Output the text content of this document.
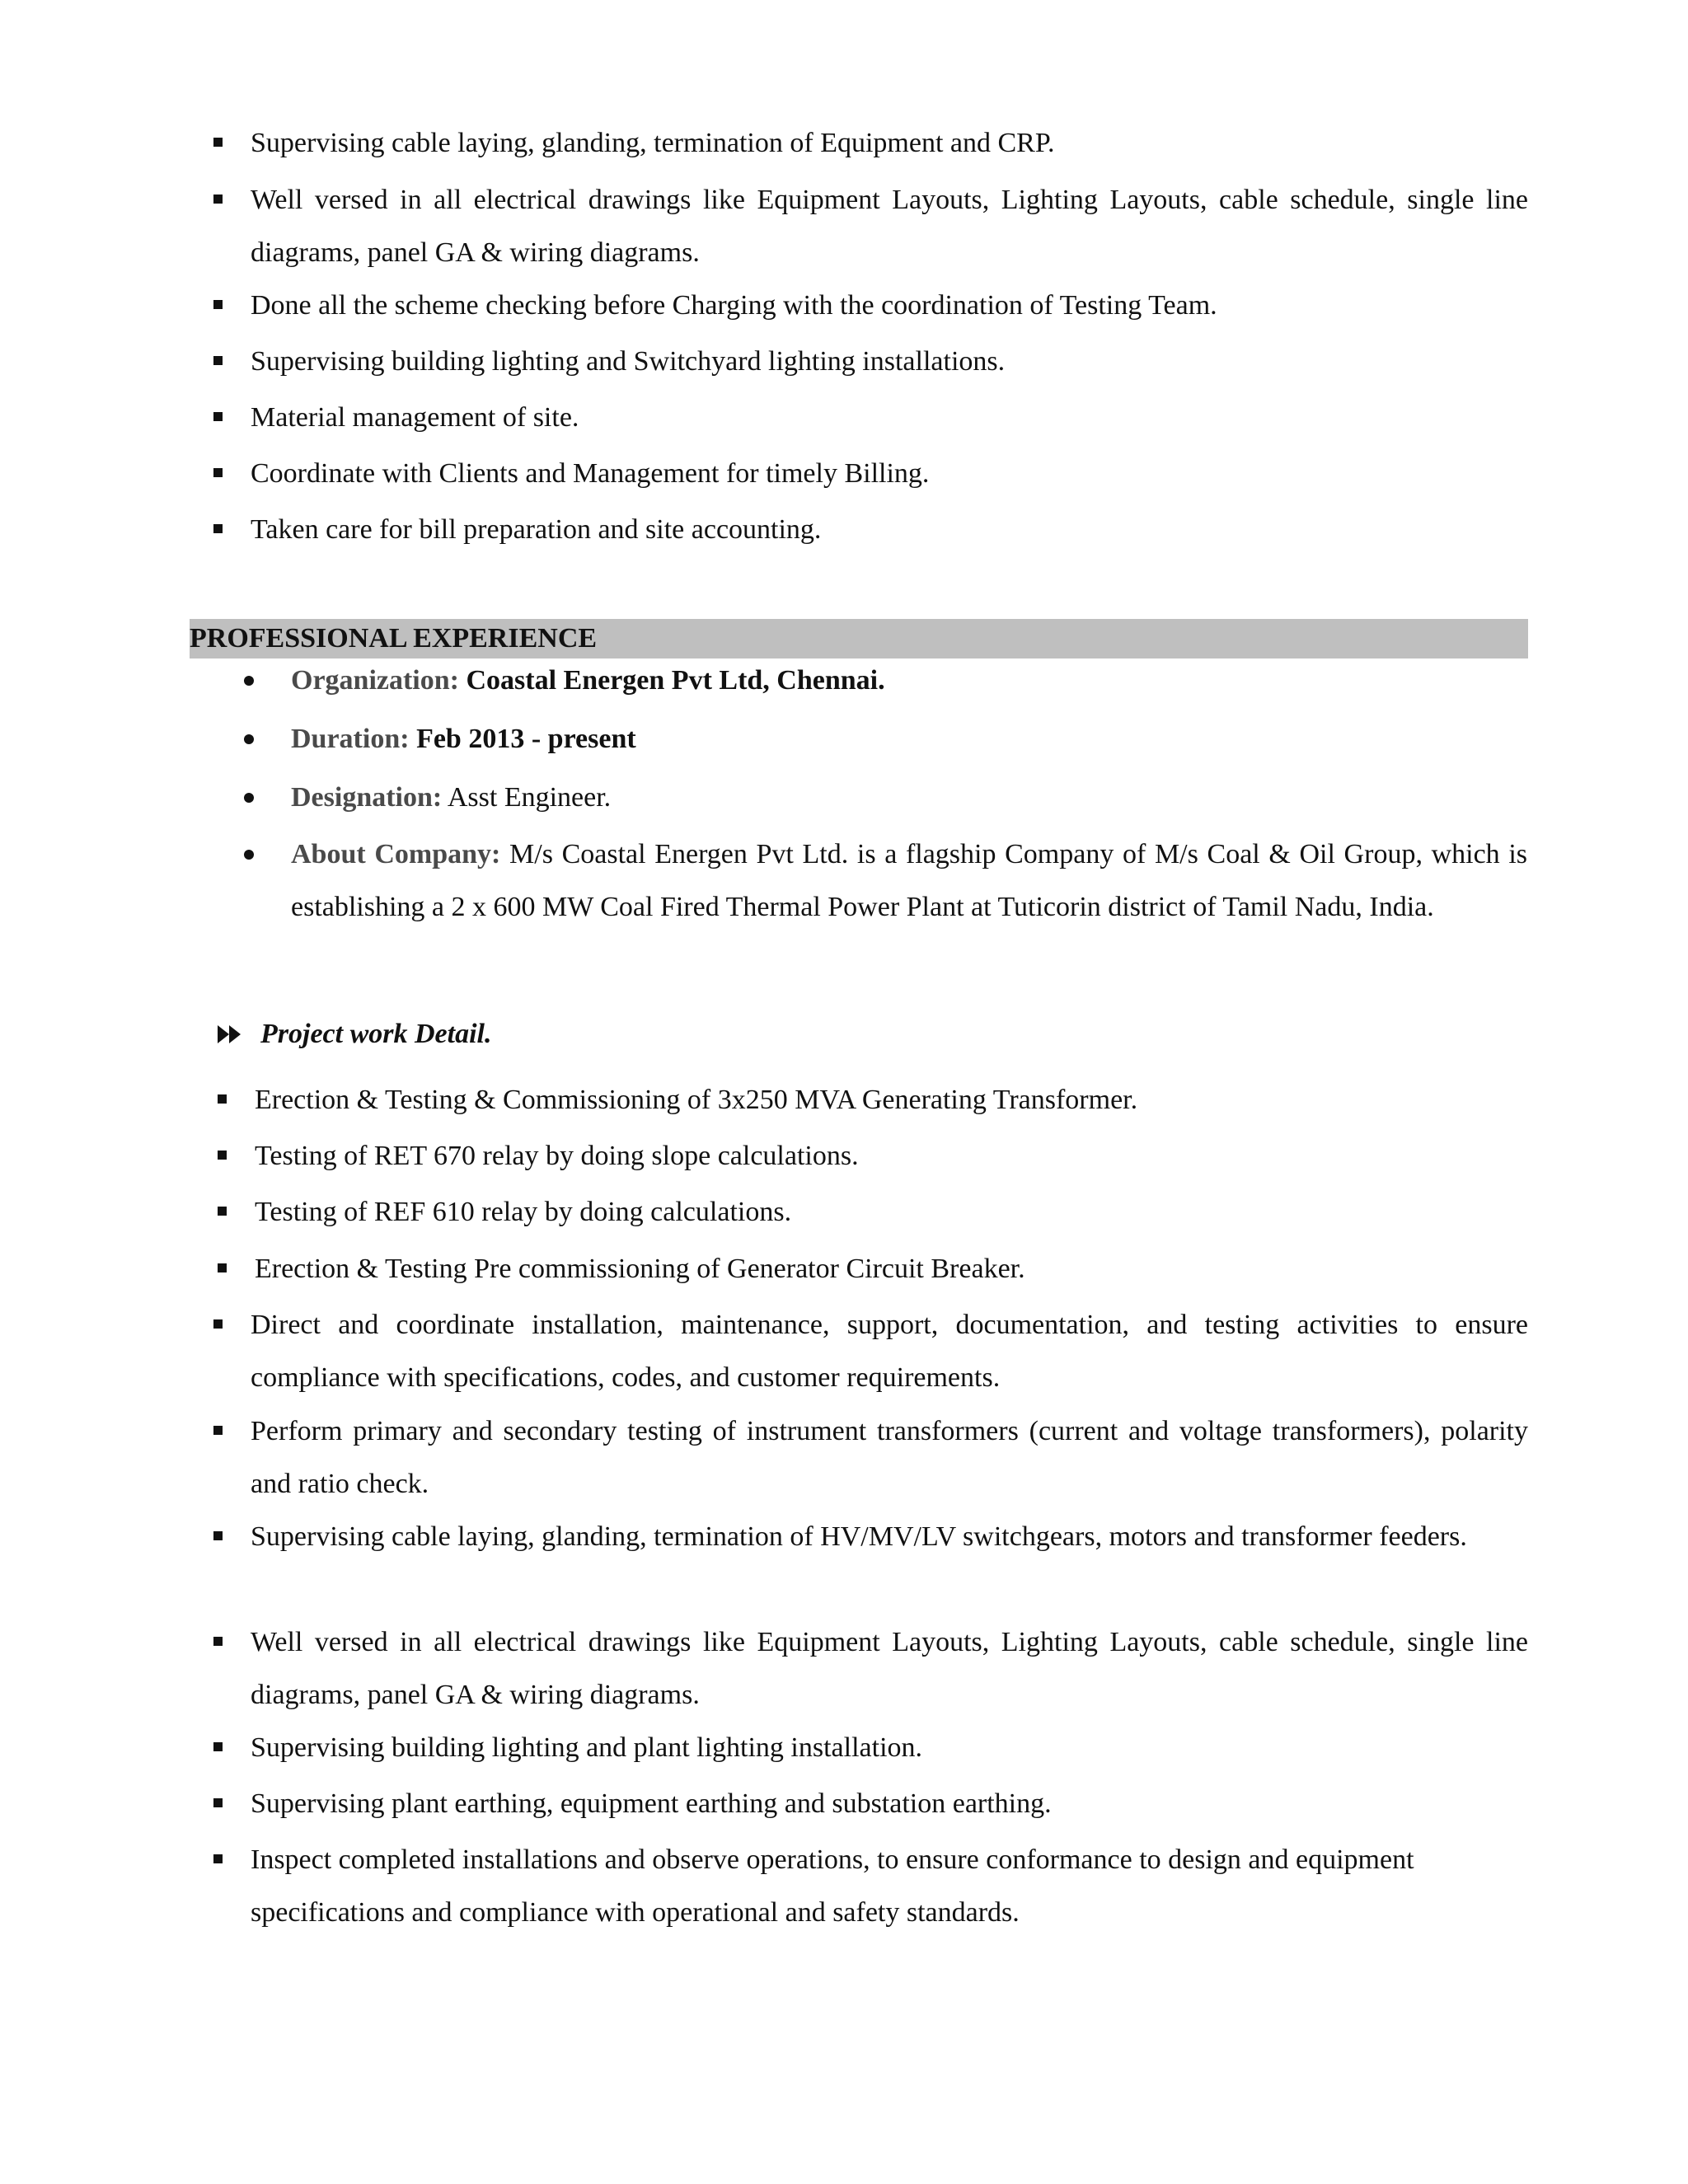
Supervising cable laying, glanding, termination of Equipment and CRP.

Well versed in all electrical drawings like Equipment Layouts, Lighting Layouts, cable schedule, single line diagrams, panel GA & wiring diagrams.

Done all the scheme checking before Charging with the coordination of Testing Team.

Supervising building lighting and Switchyard lighting installations.

Material management of site.

Coordinate with Clients and Management for timely Billing.

Taken care for bill preparation and site accounting.

PROFESSIONAL EXPERIENCE

Organization: Coastal Energen Pvt Ltd, Chennai.

Duration: Feb 2013 - present

Designation: Asst Engineer.

About Company: M/s Coastal Energen Pvt Ltd. is a flagship Company of M/s Coal & Oil Group, which is establishing a 2 x 600 MW Coal Fired Thermal Power Plant at Tuticorin district of Tamil Nadu, India.

Project work Detail.

Erection & Testing & Commissioning of 3x250 MVA Generating Transformer.

Testing of RET 670 relay by doing slope calculations.

Testing of REF 610 relay by doing calculations.

Erection & Testing Pre commissioning of Generator Circuit Breaker.

Direct and coordinate installation, maintenance, support, documentation, and testing activities to ensure compliance with specifications, codes, and customer requirements.

Perform primary and secondary testing of instrument transformers (current and voltage transformers), polarity and ratio check.

Supervising cable laying, glanding, termination of HV/MV/LV switchgears, motors and transformer feeders.

Well versed in all electrical drawings like Equipment Layouts, Lighting Layouts, cable schedule, single line diagrams, panel GA & wiring diagrams.

Supervising building lighting and plant lighting installation.

Supervising plant earthing, equipment earthing and substation earthing.

Inspect completed installations and observe operations, to ensure conformance to design and equipment specifications and compliance with operational and safety standards.
